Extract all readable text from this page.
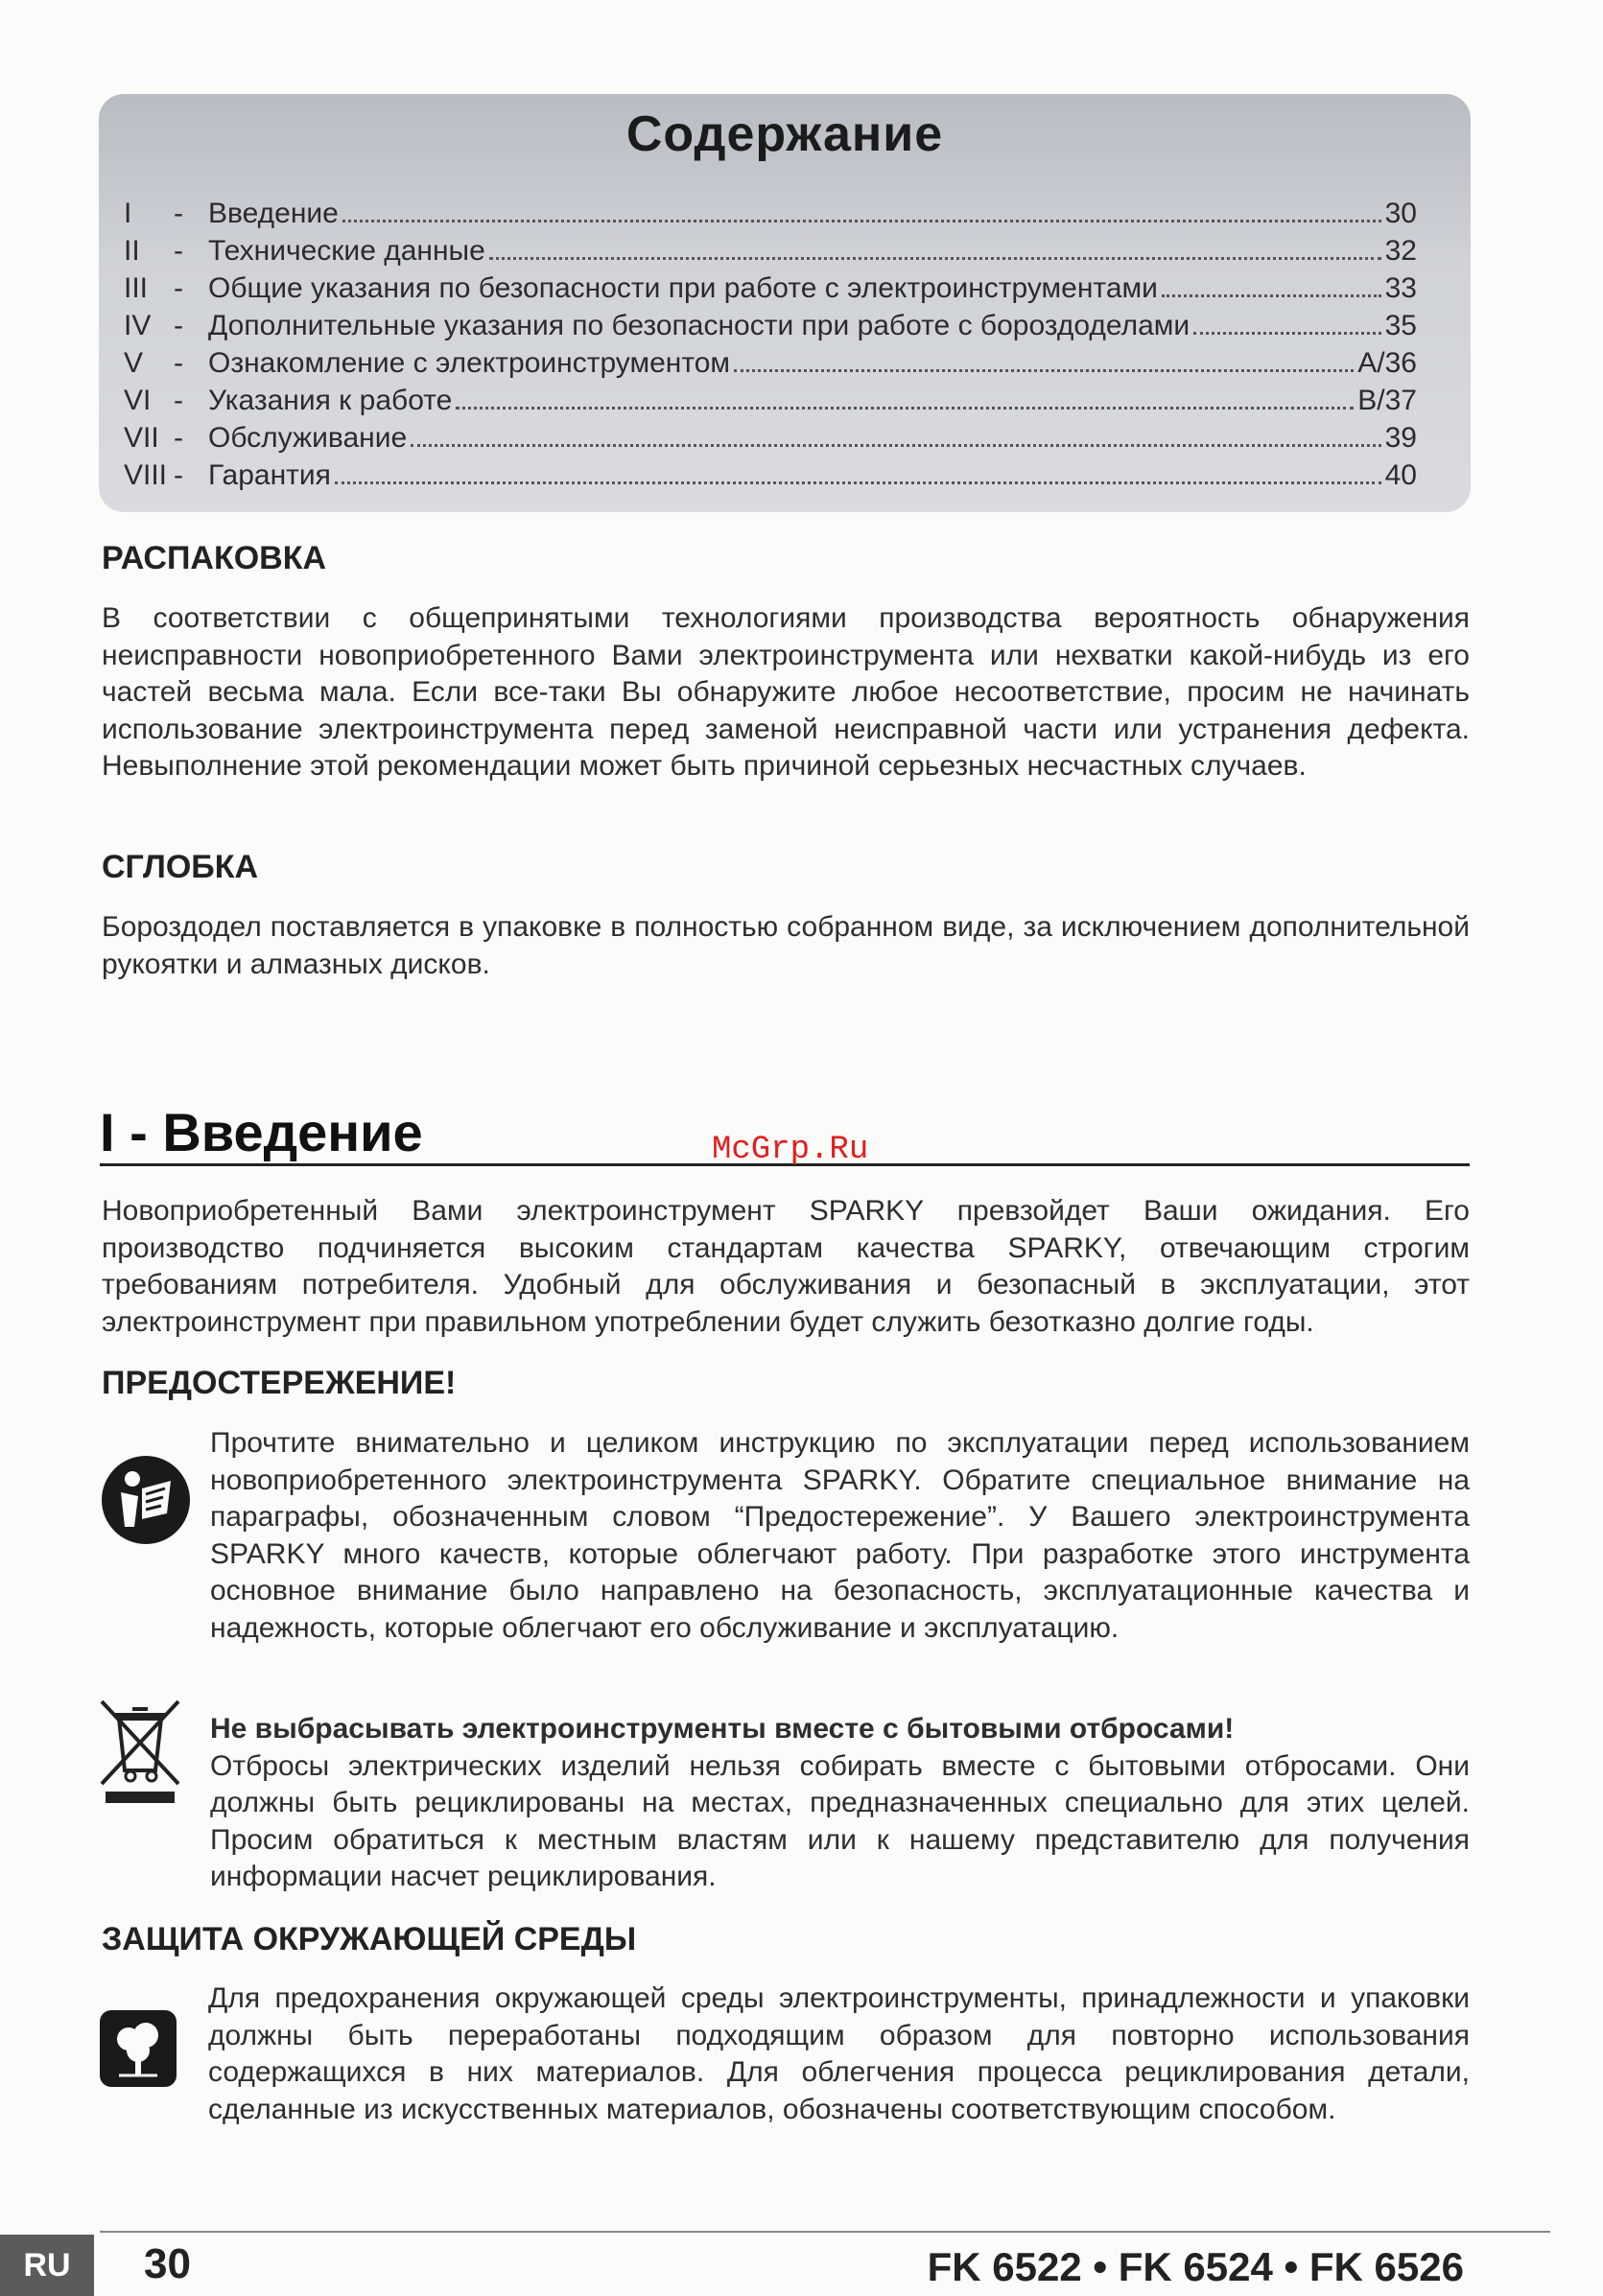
Содержание
I - Введение	30
II - Технические данные	32
III - Общие указания по безопасности при работе с электроинструментами	33
IV - Дополнительные указания по безопасности при работе с бороздоделами	35
V - Ознакомление с электроинструментом	A/36
VI - Указания к работе	B/37
VII - Обслуживание	39
VIII - Гарантия	40
РАСПАКОВКА

В соответствии с общепринятыми технологиями производства вероятность обнаружения неисправности новоприобретенного Вами электроинструмента или нехватки какой-нибудь из его частей весьма мала. Если все-таки Вы обнаружите любое несоответствие, просим не начинать использование электроинструмента перед заменой неисправной части или устранения дефекта. Невыполнение этой рекомендации может быть причиной серьезных несчастных случаев.

СГЛОБКА

Бороздодел поставляется в упаковке в полностью собранном виде, за исключением дополнительной рукоятки и алмазных дисков.

I - Введение	McGrp.Ru

Новоприобретенный Вами электроинструмент SPARKY превзойдет Ваши ожидания. Его производство подчиняется высоким стандартам качества SPARKY, отвечающим строгим требованиям потребителя. Удобный для обслуживания и безопасный в эксплуатации, этот электроинструмент при правильном употреблении будет служить безотказно долгие годы.

ПРЕДОСТЕРЕЖЕНИЕ!

Прочтите внимательно и целиком инструкцию по эксплуатации перед использованием новоприобретенного электроинструмента SPARKY. Обратите специальное внимание на параграфы, обозначенным словом “Предостережение”. У Вашего электроинструмента SPARKY много качеств, которые облегчают работу. При разработке этого инструмента основное внимание было направлено на безопасность, эксплуатационные качества и надежность, которые облегчают его обслуживание и эксплуатацию.

Не выбрасывать электроинструменты вместе с бытовыми отбросами!
Отбросы электрических изделий нельзя собирать вместе с бытовыми отбросами. Они должны быть рециклированы на местах, предназначенных специально для этих целей. Просим обратиться к местным властям или к нашему представителю для получения информации насчет рециклирования.

ЗАЩИТА ОКРУЖАЮЩЕЙ СРЕДЫ

Для предохранения окружающей среды электроинструменты, принадлежности и упаковки должны быть переработаны подходящим образом для повторно использования содержащихся в них материалов. Для облегчения процесса рециклирования детали, сделанные из искусственных материалов, обозначены соответствующим способом.

RU	30	FK 6522 • FK 6524 • FK 6526
